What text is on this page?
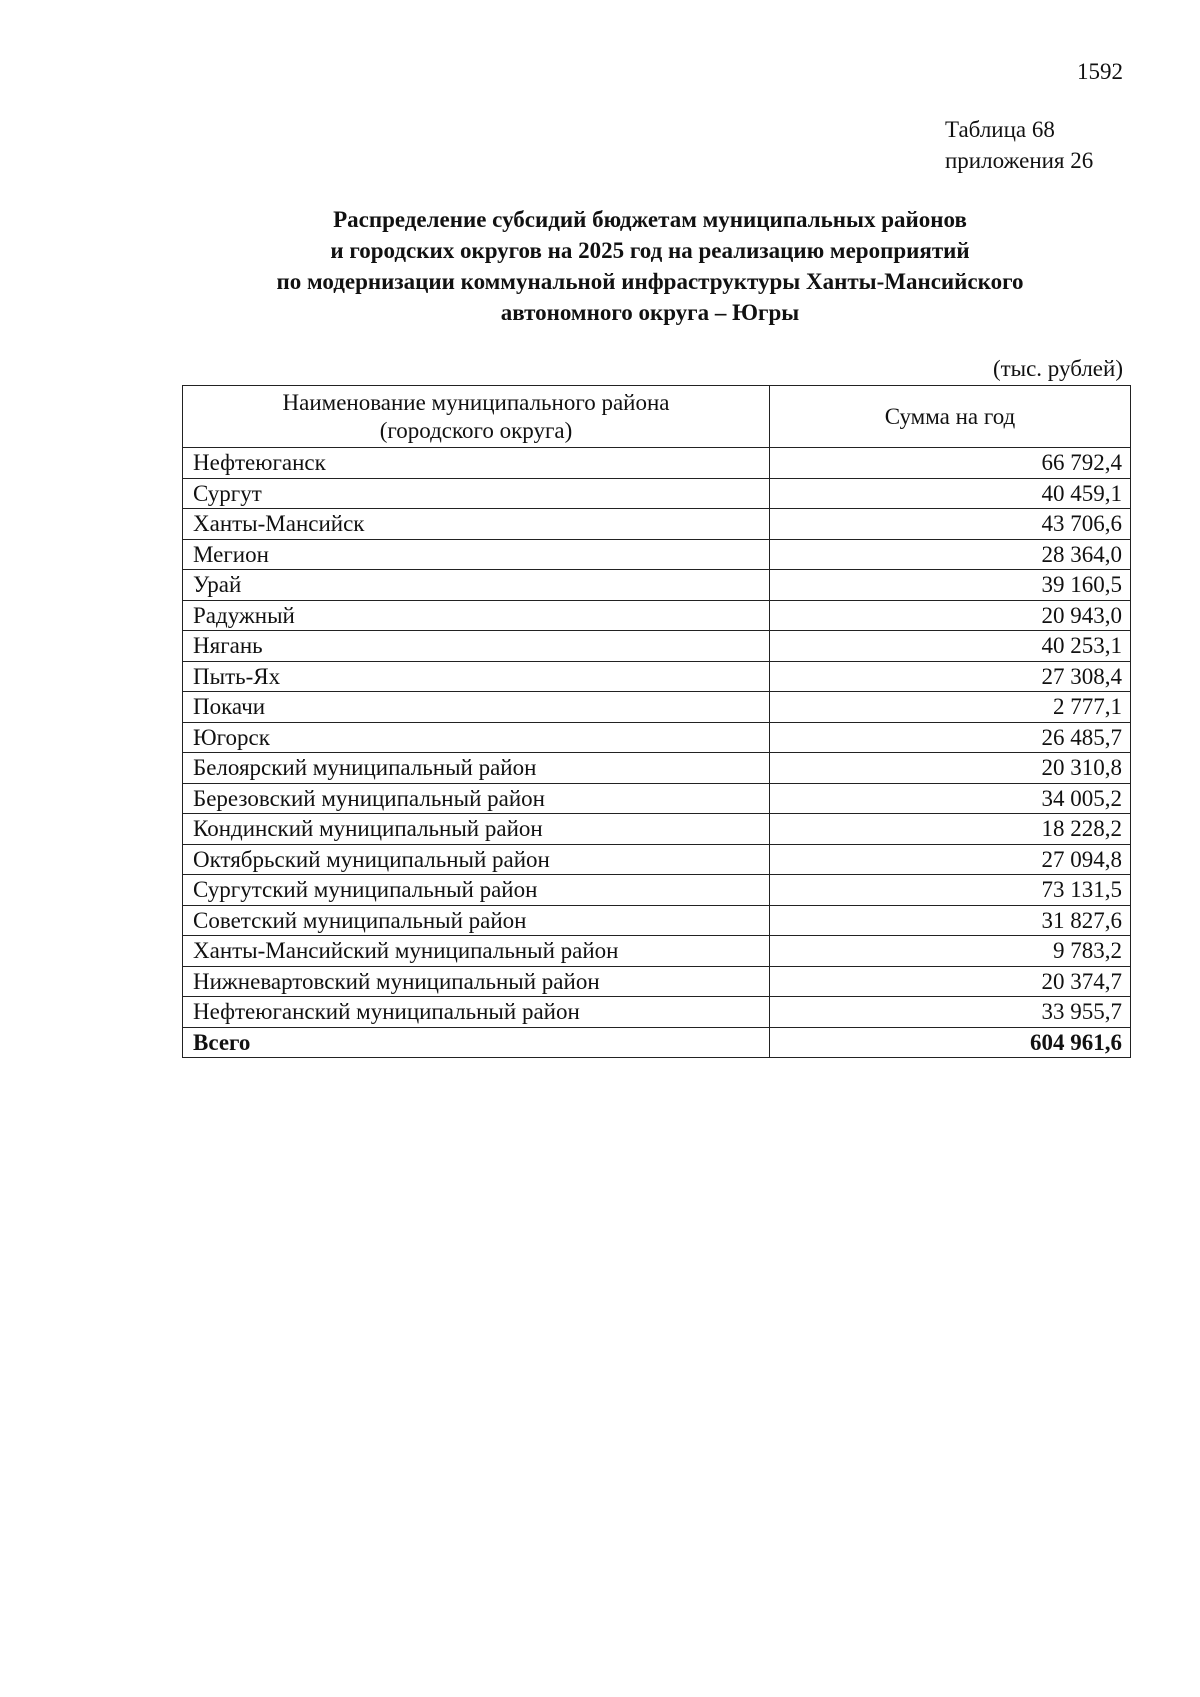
1592
Таблица 68
приложения 26
Распределение субсидий бюджетам муниципальных районов
и городских округов на 2025 год на реализацию мероприятий
по модернизации коммунальной инфраструктуры Ханты-Мансийского
автономного округа – Югры
(тыс. рублей)
Наименование муниципального района
(городского округа)	Сумма на год
Нефтеюганск	66 792,4
Сургут	40 459,1
Ханты-Мансийск	43 706,6
Мегион	28 364,0
Урай	39 160,5
Радужный	20 943,0
Нягань	40 253,1
Пыть-Ях	27 308,4
Покачи	2 777,1
Югорск	26 485,7
Белоярский муниципальный район	20 310,8
Березовский муниципальный район	34 005,2
Кондинский муниципальный район	18 228,2
Октябрьский муниципальный район	27 094,8
Сургутский муниципальный район	73 131,5
Советский муниципальный район	31 827,6
Ханты-Мансийский муниципальный район	9 783,2
Нижневартовский муниципальный район	20 374,7
Нефтеюганский муниципальный район	33 955,7
Всего	604 961,6
